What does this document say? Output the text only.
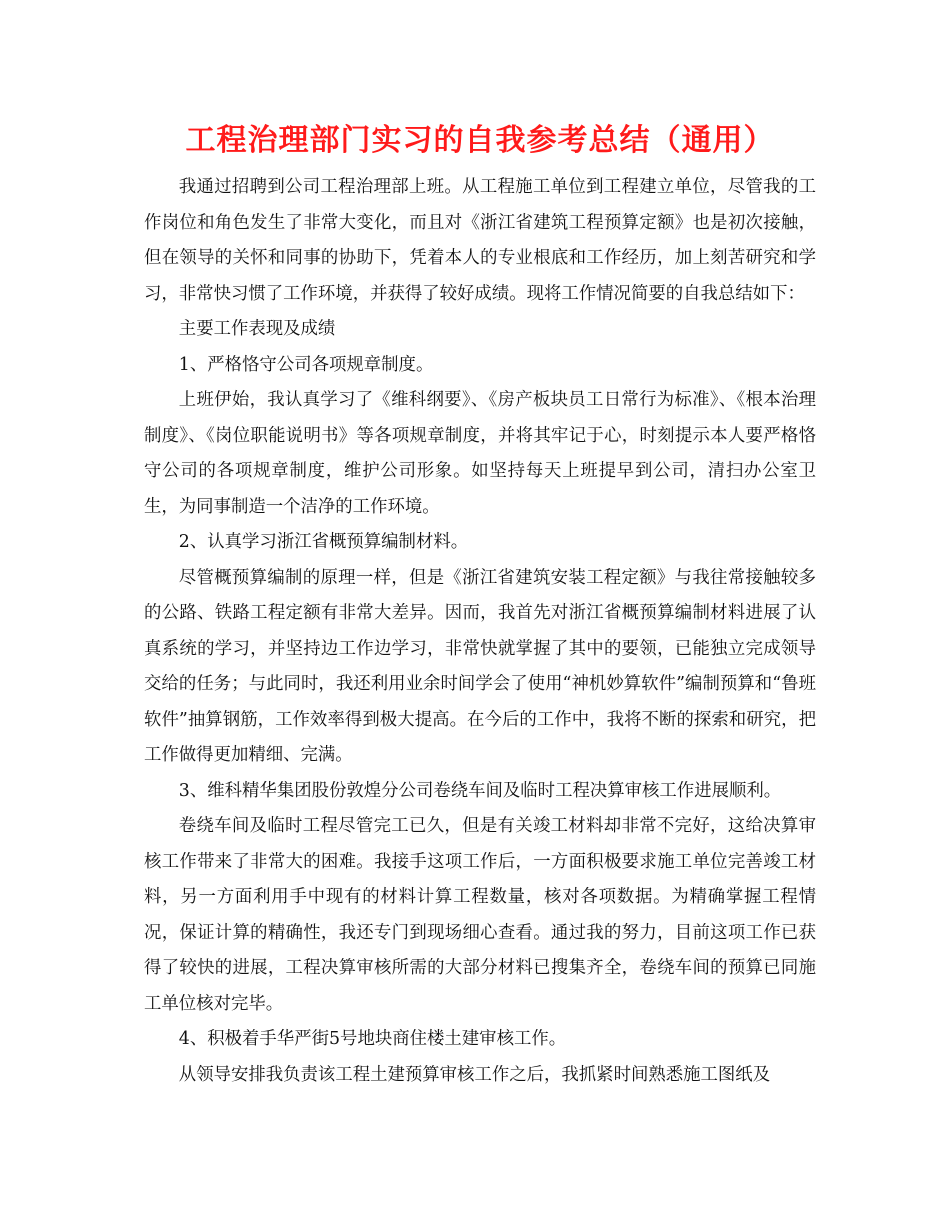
工程治理部门实习的自我参考总结（通用）

我通过招聘到公司工程治理部上班。从工程施工单位到工程建立单位，尽管我的工作岗位和角色发生了非常大变化，而且对《浙江省建筑工程预算定额》也是初次接触，但在领导的关怀和同事的协助下，凭着本人的专业根底和工作经历，加上刻苦研究和学习，非常快习惯了工作环境，并获得了较好成绩。现将工作情况简要的自我总结如下：

主要工作表现及成绩

1、严格恪守公司各项规章制度。

上班伊始，我认真学习了《维科纲要》、《房产板块员工日常行为标准》、《根本治理制度》、《岗位职能说明书》等各项规章制度，并将其牢记于心，时刻提示本人要严格恪守公司的各项规章制度，维护公司形象。如坚持每天上班提早到公司，清扫办公室卫生，为同事制造一个洁净的工作环境。

2、认真学习浙江省概预算编制材料。

尽管概预算编制的原理一样，但是《浙江省建筑安装工程定额》与我往常接触较多的公路、铁路工程定额有非常大差异。因而，我首先对浙江省概预算编制材料进展了认真系统的学习，并坚持边工作边学习，非常快就掌握了其中的要领，已能独立完成领导交给的任务；与此同时，我还利用业余时间学会了使用“神机妙算软件”编制预算和“鲁班软件”抽算钢筋，工作效率得到极大提高。在今后的工作中，我将不断的探索和研究，把工作做得更加精细、完满。

3、维科精华集团股份敦煌分公司卷绕车间及临时工程决算审核工作进展顺利。

卷绕车间及临时工程尽管完工已久，但是有关竣工材料却非常不完好，这给决算审核工作带来了非常大的困难。我接手这项工作后，一方面积极要求施工单位完善竣工材料，另一方面利用手中现有的材料计算工程数量，核对各项数据。为精确掌握工程情况，保证计算的精确性，我还专门到现场细心查看。通过我的努力，目前这项工作已获得了较快的进展，工程决算审核所需的大部分材料已搜集齐全，卷绕车间的预算已同施工单位核对完毕。

4、积极着手华严街5号地块商住楼土建审核工作。

从领导安排我负责该工程土建预算审核工作之后，我抓紧时间熟悉施工图纸及
